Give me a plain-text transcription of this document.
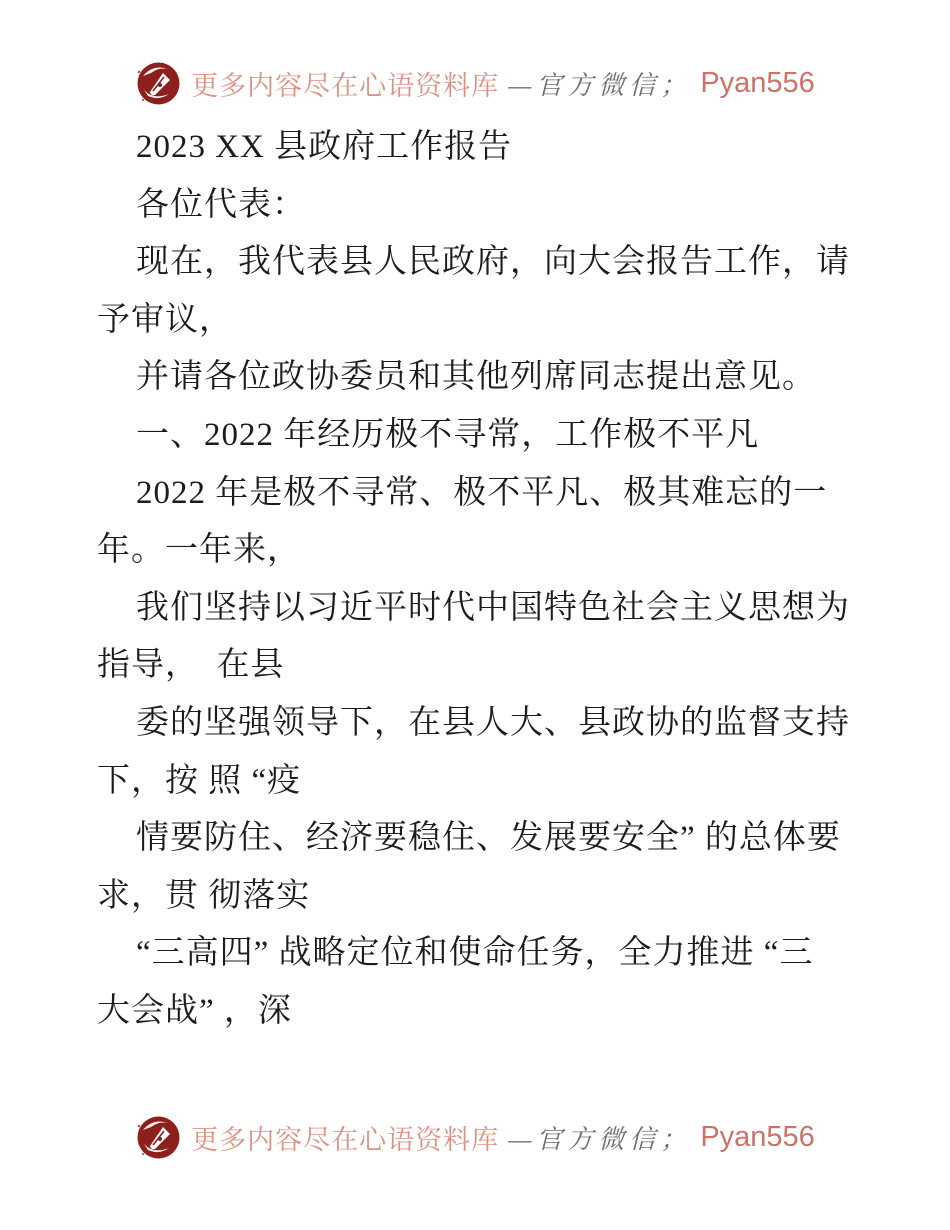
更多内容尽在心语资料库 —官方微信； Pyan556

2023 XX 县政府工作报告

各位代表：

现在，我代表县人民政府，向大会报告工作，请

予审议，

并请各位政协委员和其他列席同志提出意见。

一、2022 年经历极不寻常，工作极不平凡

2022 年是极不寻常、极不平凡、极其难忘的一

年。一年来，

我们坚持以习近平时代中国特色社会主义思想为

指导，　在县

委的坚强领导下，在县人大、县政协的监督支持

下，按 照 “疫

情要防住、经济要稳住、发展要安全” 的总体要

求，贯 彻落实

“三高四” 战略定位和使命任务，全力推进 “三

大会战” ，深

更多内容尽在心语资料库 —官方微信； Pyan556
